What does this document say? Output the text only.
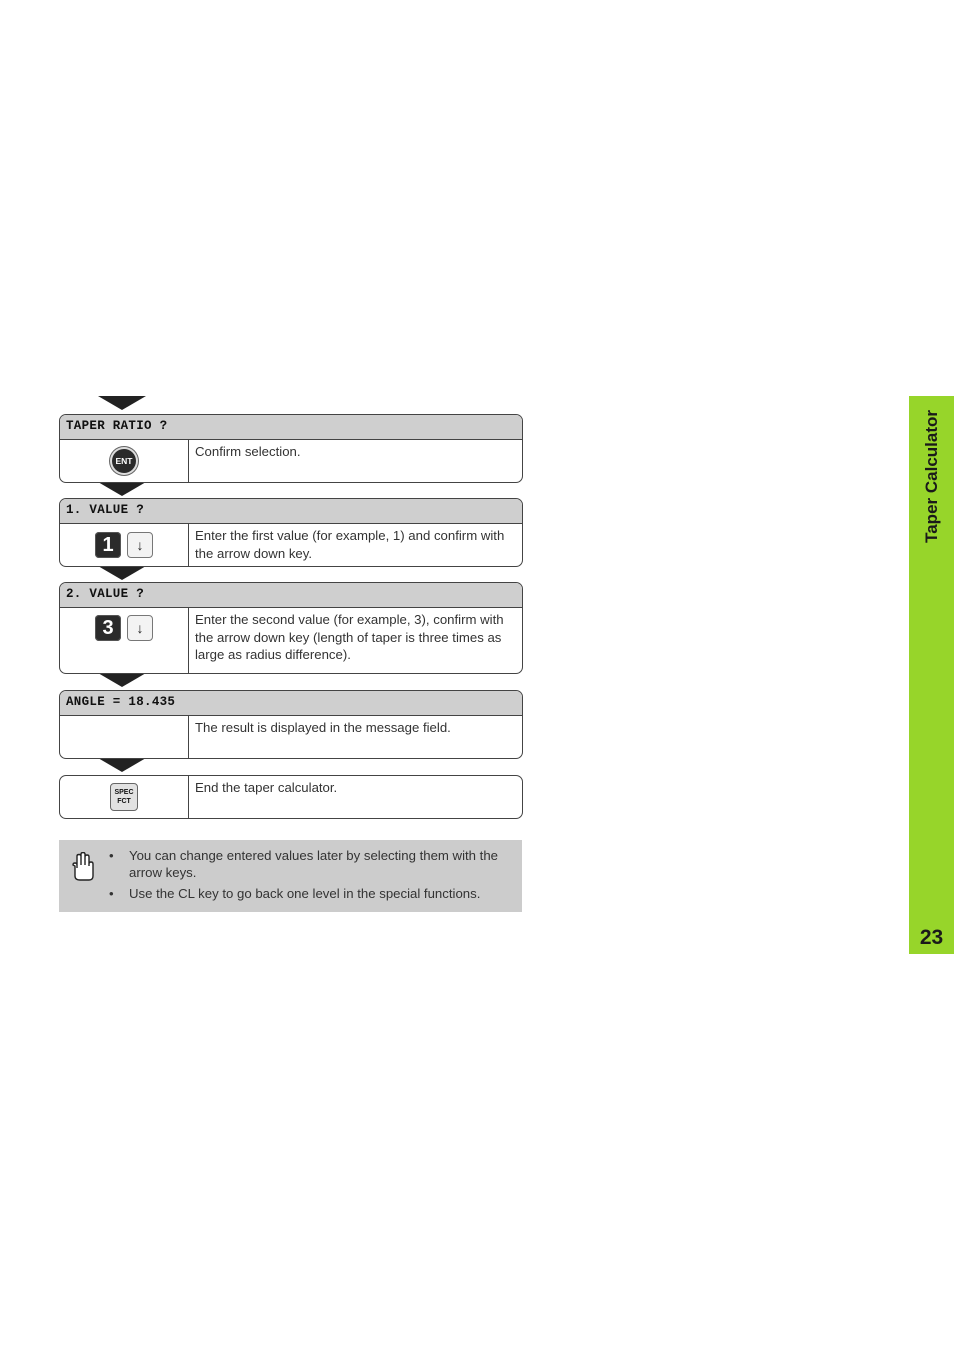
TAPER RATIO ?
ENT
Confirm selection.
1. VALUE ?
1 ↓
Enter the first value (for example, 1) and confirm with the arrow down key.
2. VALUE ?
3 ↓
Enter the second value (for example, 3), confirm with the arrow down key (length of taper is three times as large as radius difference).
ANGLE = 18.435
The result is displayed in the message field.
SPEC
FCT
End the taper calculator.
• You can change entered values later by selecting them with the arrow keys.
• Use the CL key to go back one level in the special functions.
Taper Calculator
23
